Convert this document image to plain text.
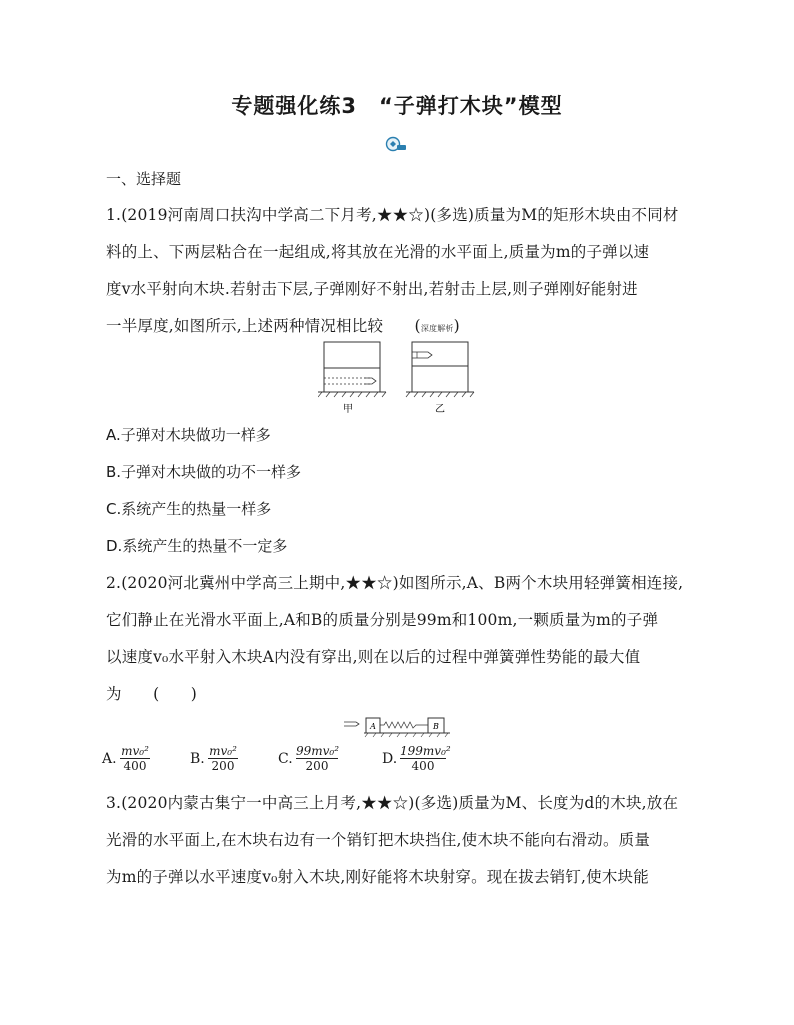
专题强化练3　“子弹打木块”模型
一、选择题
1.(2019河南周口扶沟中学高二下月考,★★☆)(多选)质量为M的矩形木块由不同材
料的上、下两层粘合在一起组成,将其放在光滑的水平面上,质量为m的子弹以速
度v水平射向木块.若射击下层,子弹刚好不射出,若射击上层,则子弹刚好能射进
一半厚度,如图所示,上述两种情况相比较　　(深度解析)
甲	乙
A.子弹对木块做功一样多
B.子弹对木块做的功不一样多
C.系统产生的热量一样多
D.系统产生的热量不一定多
2.(2020河北冀州中学高三上期中,★★☆)如图所示,A、B两个木块用轻弹簧相连接,
它们静止在光滑水平面上,A和B的质量分别是99m和100m,一颗质量为m的子弹
以速度v₀水平射入木块A内没有穿出,则在以后的过程中弹簧弹性势能的最大值
为　　(　　)
A	B
A. mv₀²
400	B. mv₀²
200	C. 99mv₀²
200	D. 199mv₀²
400
3.(2020内蒙古集宁一中高三上月考,★★☆)(多选)质量为M、长度为d的木块,放在
光滑的水平面上,在木块右边有一个销钉把木块挡住,使木块不能向右滑动。质量
为m的子弹以水平速度v₀射入木块,刚好能将木块射穿。现在拔去销钉,使木块能
